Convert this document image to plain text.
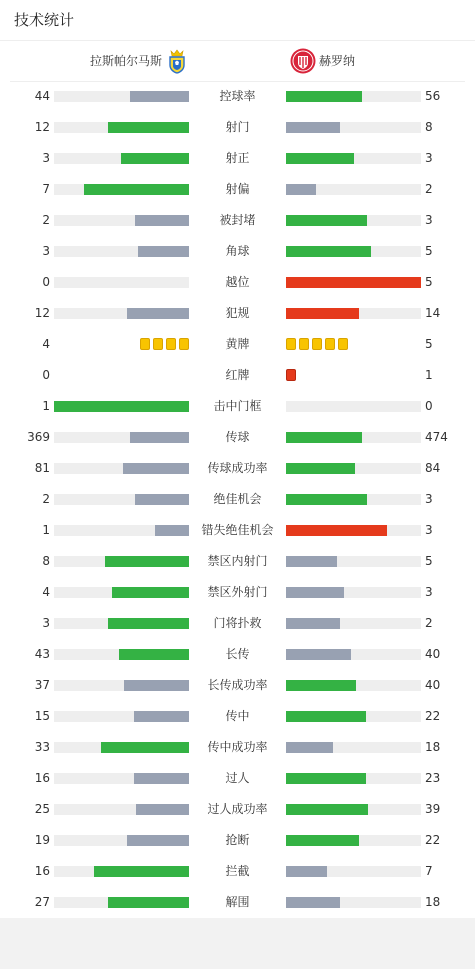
技术统计
拉斯帕尔马斯	赫罗纳
44	控球率	56
12	射门	8
3	射正	3
7	射偏	2
2	被封堵	3
3	角球	5
0	越位	5
12	犯规	14
4	黄牌	5
0	红牌	1
1	击中门框	0
369	传球	474
81	传球成功率	84
2	绝佳机会	3
1	错失绝佳机会	3
8	禁区内射门	5
4	禁区外射门	3
3	门将扑救	2
43	长传	40
37	长传成功率	40
15	传中	22
33	传中成功率	18
16	过人	23
25	过人成功率	39
19	抢断	22
16	拦截	7
27	解围	18
